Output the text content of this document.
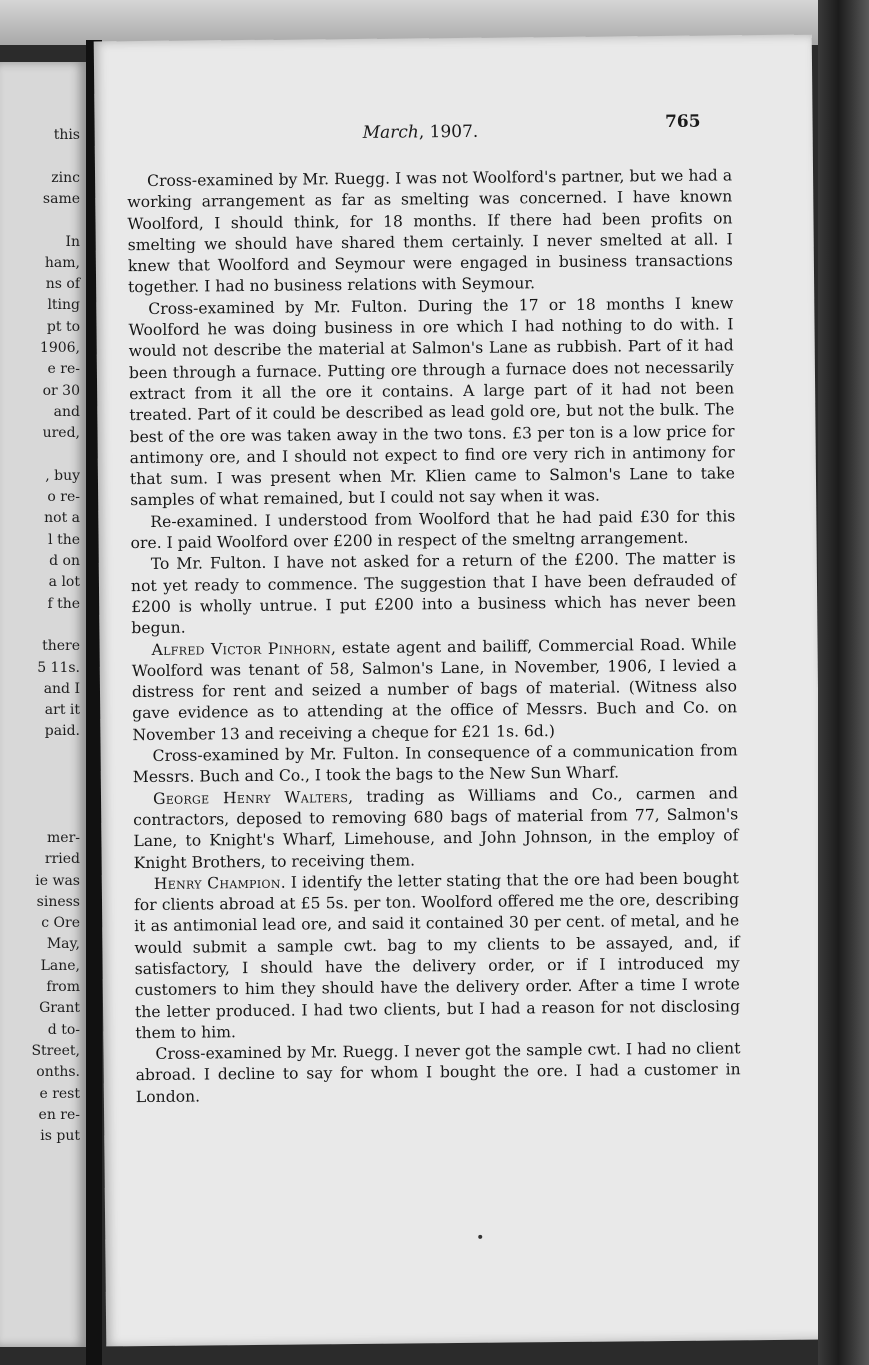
this
zinc
same
In
ham,
ns of
lting
pt to
1906,
e re-
or 30
and
ured,
, buy
o re-
not a
l the
d on
a lot
f the
there
5 11s.
and I
art it
paid.
mer-
rried
ie was
siness
c Ore
May,
Lane,
from
Grant
d to-
Street,
onths.
e rest
en re-
is put
March, 1907.	765

Cross-examined by Mr. Ruegg. I was not Woolford's partner, but we had a working arrangement as far as smelting was concerned. I have known Woolford, I should think, for 18 months. If there had been profits on smelting we should have shared them certainly. I never smelted at all. I knew that Woolford and Seymour were engaged in business transactions together. I had no business relations with Seymour.

Cross-examined by Mr. Fulton. During the 17 or 18 months I knew Woolford he was doing business in ore which I had nothing to do with. I would not describe the material at Salmon's Lane as rubbish. Part of it had been through a furnace. Putting ore through a furnace does not necessarily extract from it all the ore it contains. A large part of it had not been treated. Part of it could be described as lead gold ore, but not the bulk. The best of the ore was taken away in the two tons. £3 per ton is a low price for antimony ore, and I should not expect to find ore very rich in antimony for that sum. I was present when Mr. Klien came to Salmon's Lane to take samples of what remained, but I could not say when it was.

Re-examined. I understood from Woolford that he had paid £30 for this ore. I paid Woolford over £200 in respect of the smeltng arrangement.

To Mr. Fulton. I have not asked for a return of the £200. The matter is not yet ready to commence. The suggestion that I have been defrauded of £200 is wholly untrue. I put £200 into a business which has never been begun.

Alfred Victor Pinhorn, estate agent and bailiff, Commercial Road. While Woolford was tenant of 58, Salmon's Lane, in November, 1906, I levied a distress for rent and seized a number of bags of material. (Witness also gave evidence as to attending at the office of Messrs. Buch and Co. on November 13 and receiving a cheque for £21 1s. 6d.)

Cross-examined by Mr. Fulton. In consequence of a communication from Messrs. Buch and Co., I took the bags to the New Sun Wharf.

George Henry Walters, trading as Williams and Co., carmen and contractors, deposed to removing 680 bags of material from 77, Salmon's Lane, to Knight's Wharf, Limehouse, and John Johnson, in the employ of Knight Brothers, to receiving them.

Henry Champion. I identify the letter stating that the ore had been bought for clients abroad at £5 5s. per ton. Woolford offered me the ore, describing it as antimonial lead ore, and said it contained 30 per cent. of metal, and he would submit a sample cwt. bag to my clients to be assayed, and, if satisfactory, I should have the delivery order, or if I introduced my customers to him they should have the delivery order. After a time I wrote the letter produced. I had two clients, but I had a reason for not disclosing them to him.

Cross-examined by Mr. Ruegg. I never got the sample cwt. I had no client abroad. I decline to say for whom I bought the ore. I had a customer in London.
